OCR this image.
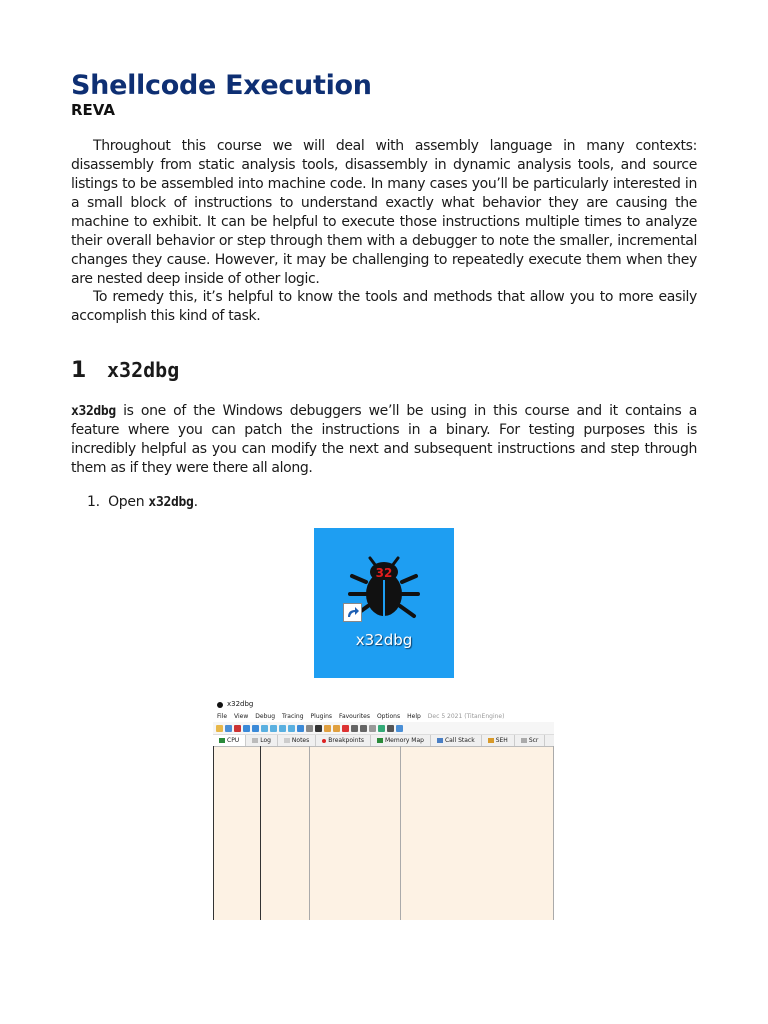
Shellcode Execution
REVA

Throughout this course we will deal with assembly language in many contexts: disassembly from static analysis tools, disassembly in dynamic analysis tools, and source listings to be assembled into machine code. In many cases you’ll be particularly interested in a small block of instructions to understand exactly what behavior they are causing the machine to exhibit. It can be helpful to execute those instructions multiple times to analyze their overall behavior or step through them with a debugger to note the smaller, incremental changes they cause. However, it may be challenging to repeatedly execute them when they are nested deep inside of other logic.

To remedy this, it’s helpful to know the tools and methods that allow you to more easily accomplish this kind of task.

1 x32dbg

x32dbg is one of the Windows debuggers we’ll be using in this course and it contains a feature where you can patch the instructions in a binary. For testing purposes this is incredibly helpful as you can modify the next and subsequent instructions and step through them as if they were there all along.

1. Open x32dbg.
32
x32dbg
x32dbg
File View Debug Tracing Plugins Favourites Options Help Dec 5 2021 (TitanEngine)
CPU	Log	Notes	Breakpoints	Memory Map	Call Stack	SEH	Scr
